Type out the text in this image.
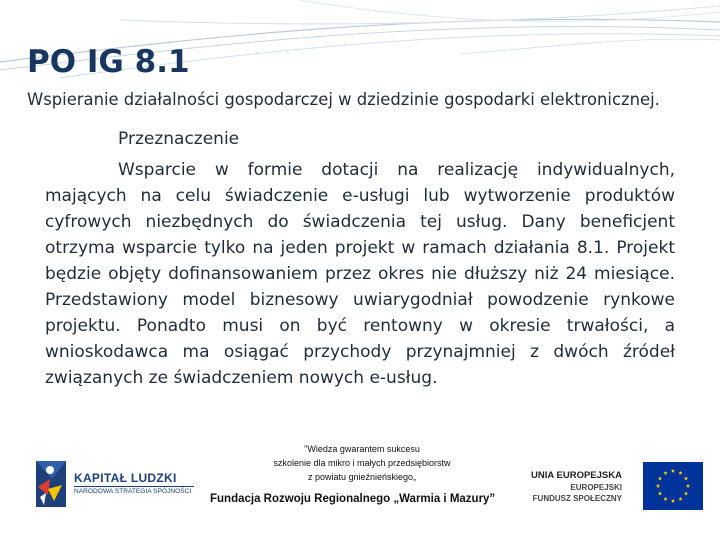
PO IG 8.1
Wspieranie działalności gospodarczej w dziedzinie gospodarki elektronicznej.
Przeznaczenie
Wsparcie w formie dotacji na realizację indywidualnych, mających na celu świadczenie e-usługi lub wytworzenie produktów cyfrowych niezbędnych do świadczenia tej usług. Dany beneficjent otrzyma wsparcie tylko na jeden projekt w ramach działania 8.1. Projekt będzie objęty dofinansowaniem przez okres nie dłuższy niż 24 miesiące. Przedstawiony model biznesowy uwiarygodniał powodzenie rynkowe projektu. Ponadto musi on być rentowny w okresie trwałości, a wnioskodawca ma osiągać przychody przynajmniej z dwóch źródeł związanych ze świadczeniem nowych e-usług.
KAPITAŁ LUDZKI
NARODOWA STRATEGIA SPÓJNOŚCI
"Wiedza gwarantem sukcesu
szkolenie dla mikro i małych przedsiębiorstw
z powiatu gnieźnieńskiego„
Fundacja Rozwoju Regionalnego „Warmia i Mazury”
UNIA EUROPEJSKA
EUROPEJSKI
FUNDUSZ SPOŁECZNY
